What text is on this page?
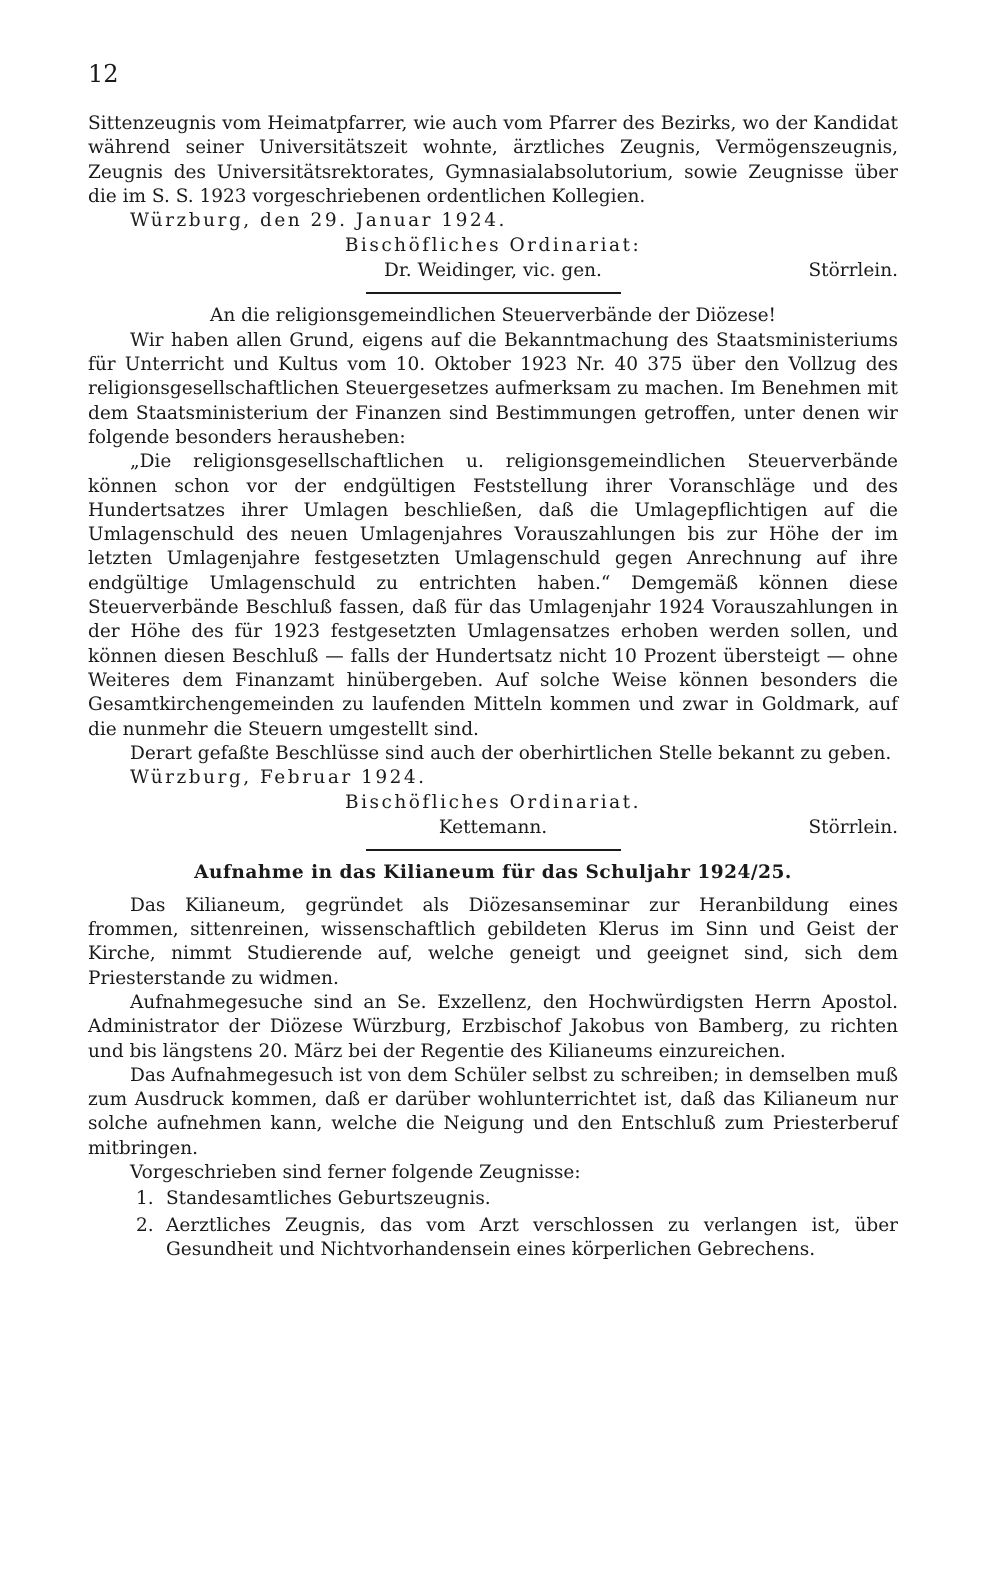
12

Sittenzeugnis vom Heimatpfarrer, wie auch vom Pfarrer des Bezirks, wo der Kandidat während seiner Universitätszeit wohnte, ärztliches Zeugnis, Vermögenszeugnis, Zeugnis des Universitätsrektorates, Gymnasialabsolutorium, sowie Zeugnisse über die im S. S. 1923 vorgeschriebenen ordentlichen Kollegien.

Würzburg, den 29. Januar 1924.

Bischöfliches Ordinariat:
Dr. Weidinger, vic. gen.	Störrlein.

An die religionsgemeindlichen Steuerverbände der Diözese!

Wir haben allen Grund, eigens auf die Bekanntmachung des Staatsministeriums für Unterricht und Kultus vom 10. Oktober 1923 Nr. 40 375 über den Vollzug des religionsgesellschaftlichen Steuergesetzes aufmerksam zu machen. Im Benehmen mit dem Staatsministerium der Finanzen sind Bestimmungen getroffen, unter denen wir folgende besonders herausheben:

„Die religionsgesellschaftlichen u. religionsgemeindlichen Steuerverbände können schon vor der endgültigen Feststellung ihrer Voranschläge und des Hundertsatzes ihrer Umlagen beschließen, daß die Umlagepflichtigen auf die Umlagenschuld des neuen Umlagenjahres Vorauszahlungen bis zur Höhe der im letzten Umlagenjahre festgesetzten Umlagenschuld gegen Anrechnung auf ihre endgültige Umlagenschuld zu entrichten haben.“ Demgemäß können diese Steuerverbände Beschluß fassen, daß für das Umlagenjahr 1924 Vorauszahlungen in der Höhe des für 1923 festgesetzten Umlagensatzes erhoben werden sollen, und können diesen Beschluß — falls der Hundertsatz nicht 10 Prozent übersteigt — ohne Weiteres dem Finanzamt hinübergeben. Auf solche Weise können besonders die Gesamtkirchengemeinden zu laufenden Mitteln kommen und zwar in Goldmark, auf die nunmehr die Steuern umgestellt sind.

Derart gefaßte Beschlüsse sind auch der oberhirtlichen Stelle bekannt zu geben.

Würzburg, Februar 1924.

Bischöfliches Ordinariat.
Kettemann.	Störrlein.

Aufnahme in das Kilianeum für das Schuljahr 1924/25.

Das Kilianeum, gegründet als Diözesanseminar zur Heranbildung eines frommen, sittenreinen, wissenschaftlich gebildeten Klerus im Sinn und Geist der Kirche, nimmt Studierende auf, welche geneigt und geeignet sind, sich dem Priesterstande zu widmen.

Aufnahmegesuche sind an Se. Exzellenz, den Hochwürdigsten Herrn Apostol. Administrator der Diözese Würzburg, Erzbischof Jakobus von Bamberg, zu richten und bis längstens 20. März bei der Regentie des Kilianeums einzureichen.

Das Aufnahmegesuch ist von dem Schüler selbst zu schreiben; in demselben muß zum Ausdruck kommen, daß er darüber wohlunterrichtet ist, daß das Kilianeum nur solche aufnehmen kann, welche die Neigung und den Entschluß zum Priesterberuf mitbringen.

Vorgeschrieben sind ferner folgende Zeugnisse:

1. Standesamtliches Geburtszeugnis.
2. Aerztliches Zeugnis, das vom Arzt verschlossen zu verlangen ist, über Gesundheit und Nichtvorhandensein eines körperlichen Gebrechens.
